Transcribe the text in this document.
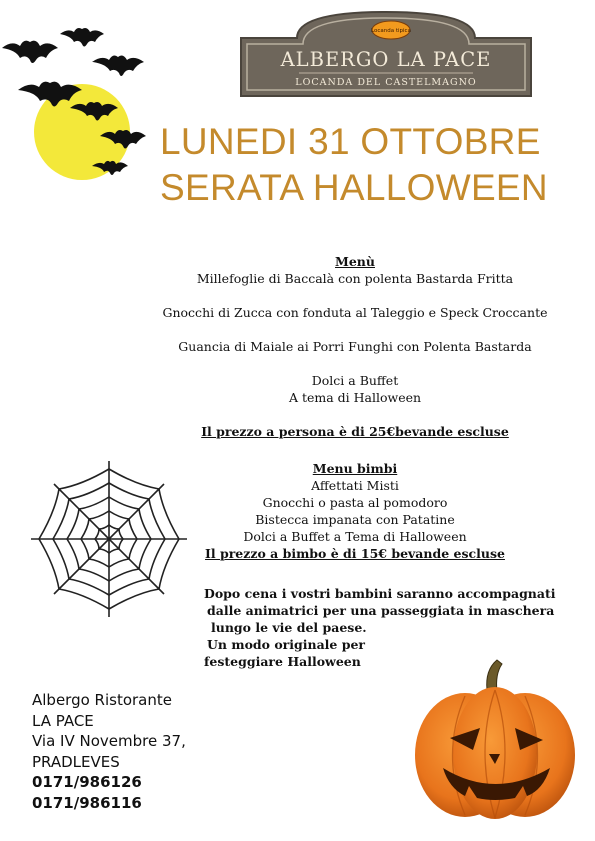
Locanda tipica
ALBERGO LA PACE
LOCANDA DEL CASTELMAGNO
LUNEDI 31 OTTOBRE
SERATA HALLOWEEN
Menù
Millefoglie di Baccalà con polenta Bastarda Fritta
Gnocchi di Zucca con fonduta al Taleggio e Speck Croccante
Guancia di Maiale ai Porri Funghi con Polenta Bastarda
Dolci a Buffet
A tema di Halloween
Il prezzo a persona è di 25€bevande escluse
Menu bimbi
Affettati Misti
Gnocchi o pasta al pomodoro
Bistecca impanata con Patatine
Dolci a Buffet a Tema di Halloween
Il prezzo a bimbo è di 15€ bevande escluse
Dopo cena i vostri bambini saranno accompagnati
dalle animatrici per una passeggiata in maschera
lungo le vie del paese.
Un modo originale per
festeggiare Halloween
Albergo Ristorante
LA PACE
Via IV Novembre 37,
PRADLEVES
0171/986126
0171/986116
